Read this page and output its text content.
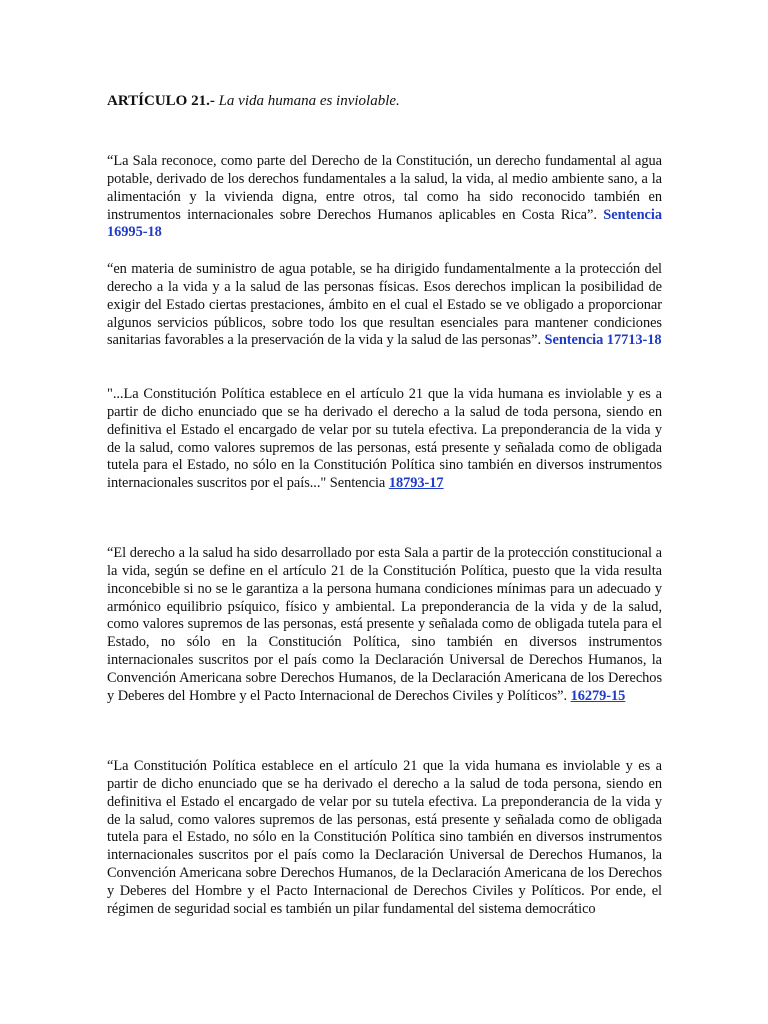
ARTÍCULO 21.- La vida humana es inviolable.

“La Sala reconoce, como parte del Derecho de la Constitución, un derecho fundamental al agua potable, derivado de los derechos fundamentales a la salud, la vida, al medio ambiente sano, a la alimentación y la vivienda digna, entre otros, tal como ha sido reconocido también en instrumentos internacionales sobre Derechos Humanos aplicables en Costa Rica”. Sentencia 16995-18

“en materia de suministro de agua potable, se ha dirigido fundamentalmente a la protección del derecho a la vida y a la salud de las personas físicas. Esos derechos implican la posibilidad de exigir del Estado ciertas prestaciones, ámbito en el cual el Estado se ve obligado a proporcionar algunos servicios públicos, sobre todo los que resultan esenciales para mantener condiciones sanitarias favorables a la preservación de la vida y la salud de las personas”. Sentencia 17713-18

"...La Constitución Política establece en el artículo 21 que la vida humana es inviolable y es a partir de dicho enunciado que se ha derivado el derecho a la salud de toda persona, siendo en definitiva el Estado el encargado de velar por su tutela efectiva. La preponderancia de la vida y de la salud, como valores supremos de las personas, está presente y señalada como de obligada tutela para el Estado, no sólo en la Constitución Política sino también en diversos instrumentos internacionales suscritos por el país..." Sentencia 18793-17

“El derecho a la salud ha sido desarrollado por esta Sala a partir de la protección constitucional a la vida, según se define en el artículo 21 de la Constitución Política, puesto que la vida resulta inconcebible si no se le garantiza a la persona humana condiciones mínimas para un adecuado y armónico equilibrio psíquico, físico y ambiental. La preponderancia de la vida y de la salud, como valores supremos de las personas, está presente y señalada como de obligada tutela para el Estado, no sólo en la Constitución Política, sino también en diversos instrumentos internacionales suscritos por el país como la Declaración Universal de Derechos Humanos, la Convención Americana sobre Derechos Humanos, de la Declaración Americana de los Derechos y Deberes del Hombre y el Pacto Internacional de Derechos Civiles y Políticos”. 16279-15

“La Constitución Política establece en el artículo 21 que la vida humana es inviolable y es a partir de dicho enunciado que se ha derivado el derecho a la salud de toda persona, siendo en definitiva el Estado el encargado de velar por su tutela efectiva. La preponderancia de la vida y de la salud, como valores supremos de las personas, está presente y señalada como de obligada tutela para el Estado, no sólo en la Constitución Política sino también en diversos instrumentos internacionales suscritos por el país como la Declaración Universal de Derechos Humanos, la Convención Americana sobre Derechos Humanos, de la Declaración Americana de los Derechos y Deberes del Hombre y el Pacto Internacional de Derechos Civiles y Políticos. Por ende, el régimen de seguridad social es también un pilar fundamental del sistema democrático
